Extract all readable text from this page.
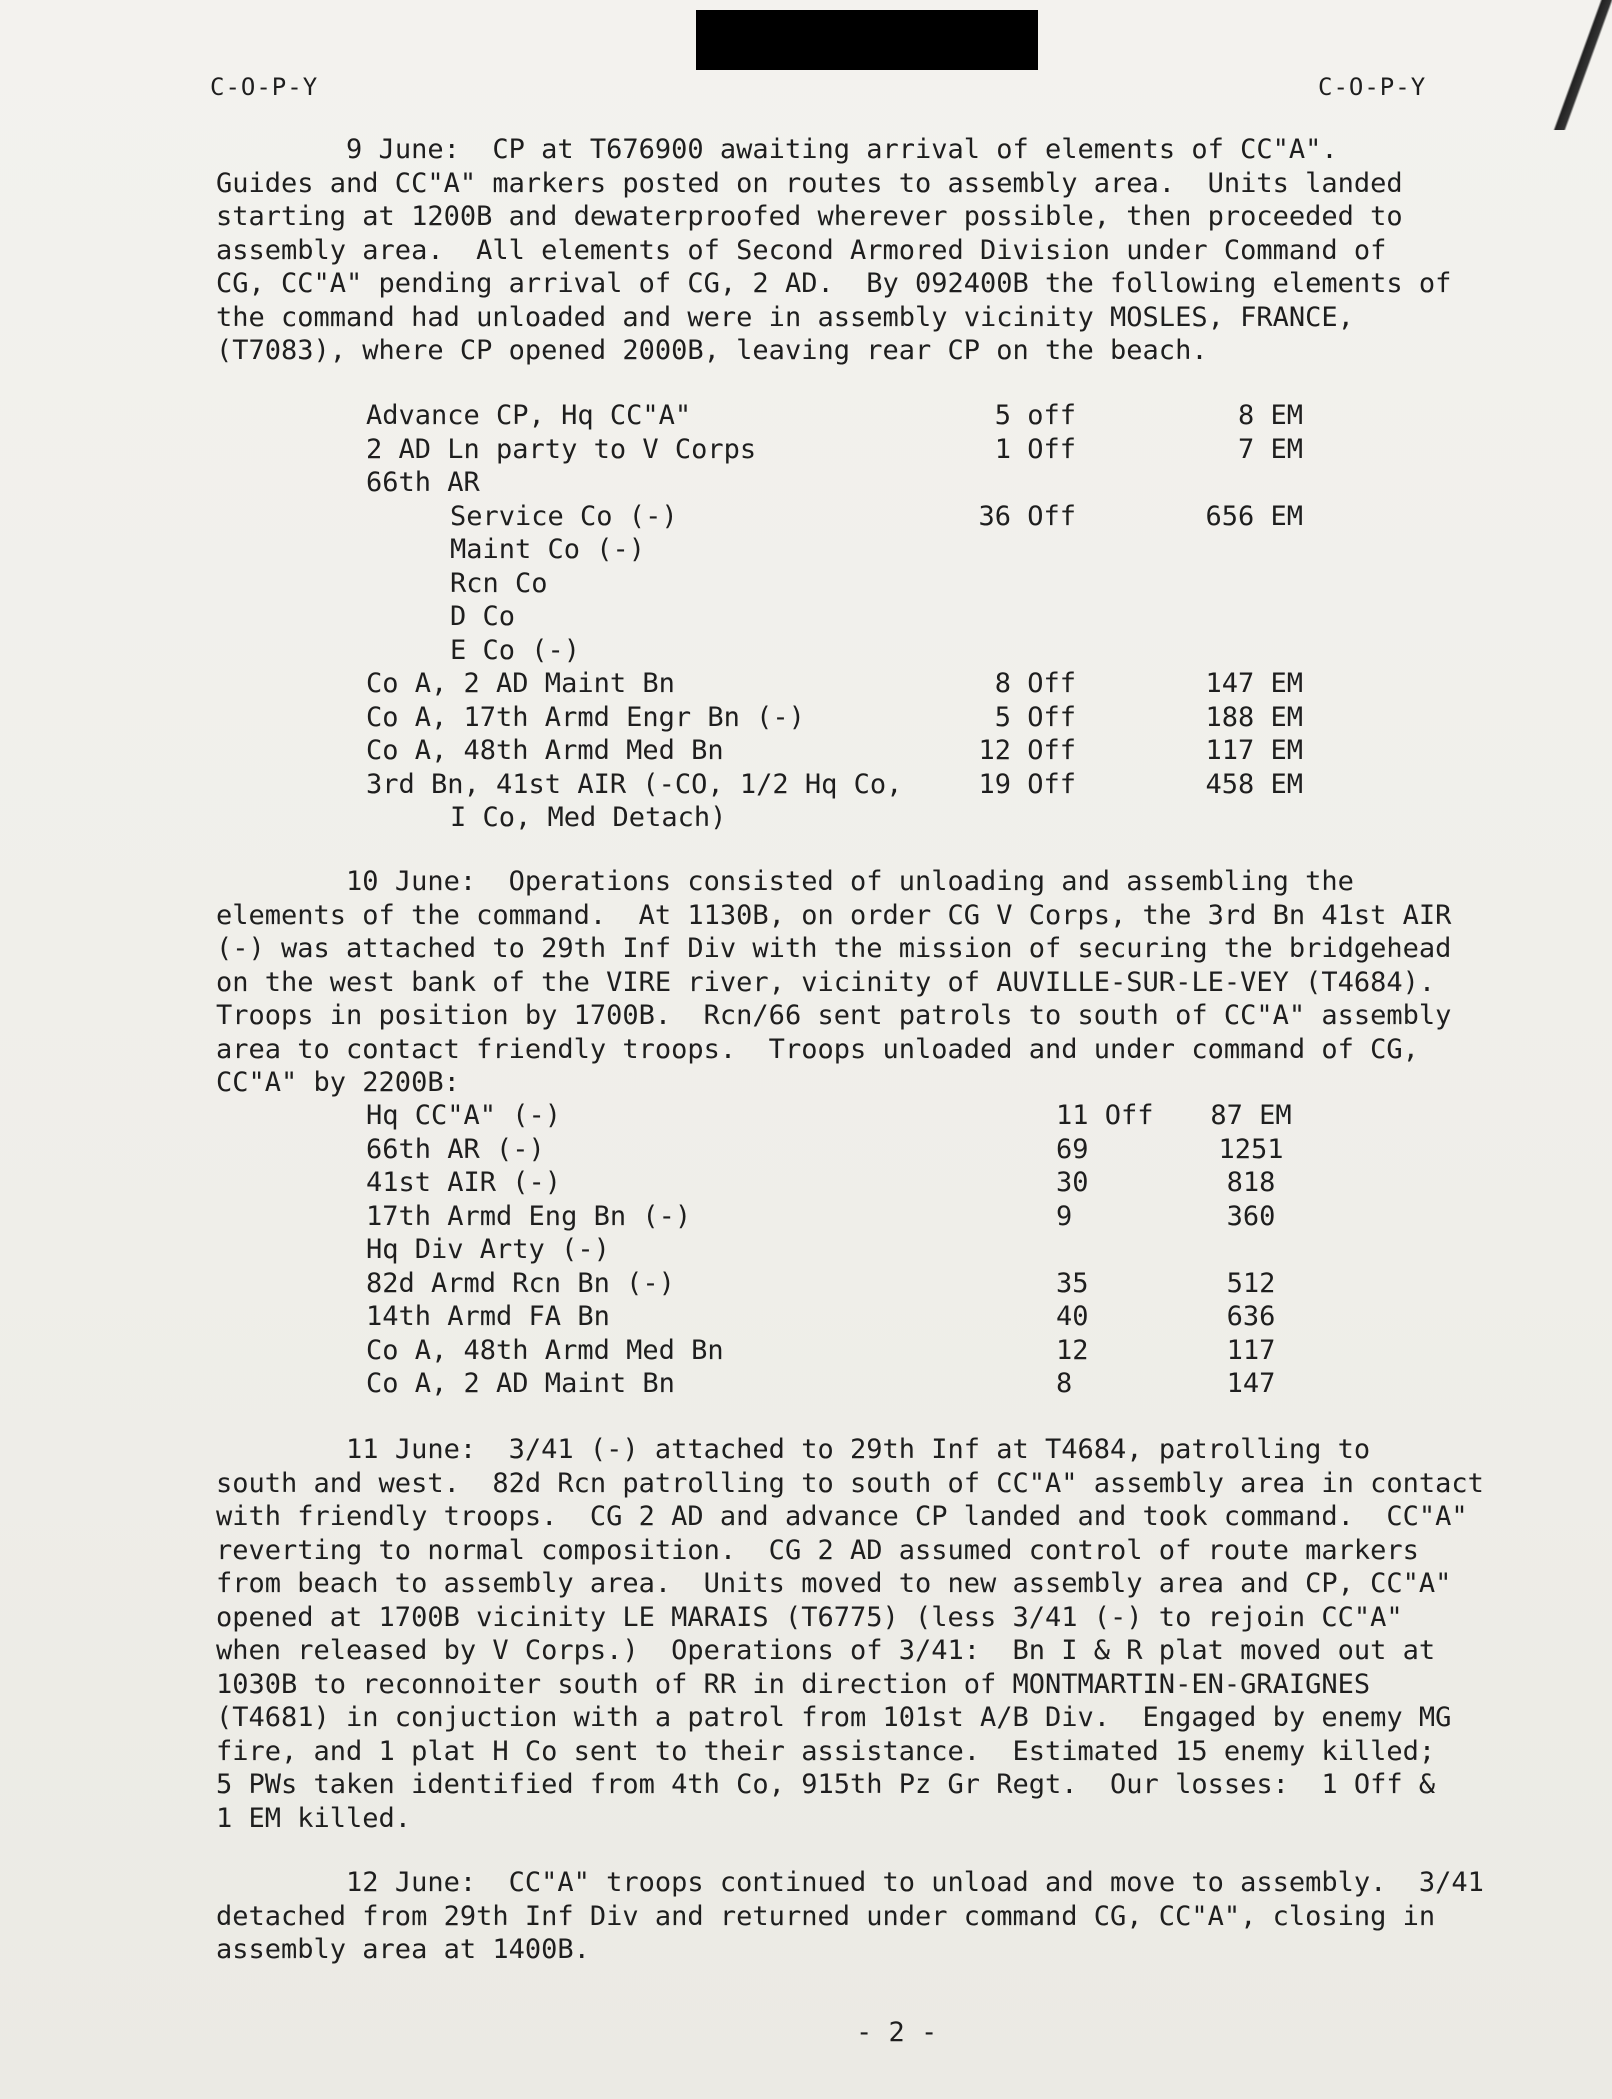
C-O-P-Y	C-O-P-Y

9 June:  CP at T676900 awaiting arrival of elements of CC"A".
Guides and CC"A" markers posted on routes to assembly area.  Units landed
starting at 1200B and dewaterproofed wherever possible, then proceeded to
assembly area.  All elements of Second Armored Division under Command of
CG, CC"A" pending arrival of CG, 2 AD.  By 092400B the following elements of
the command had unloaded and were in assembly vicinity MOSLES, FRANCE,
(T7083), where CP opened 2000B, leaving rear CP on the beach.

Advance CP, Hq CC"A"	5 off	8 EM
2 AD Ln party to V Corps	1 Off	7 EM
66th AR
Service Co (-)	36 Off	656 EM
Maint Co (-)
Rcn Co
D Co
E Co (-)
Co A, 2 AD Maint Bn	8 Off	147 EM
Co A, 17th Armd Engr Bn (-)	5 Off	188 EM
Co A, 48th Armd Med Bn	12 Off	117 EM
3rd Bn, 41st AIR (-CO, 1/2 Hq Co,	19 Off	458 EM
I Co, Med Detach)

10 June:  Operations consisted of unloading and assembling the
elements of the command.  At 1130B, on order CG V Corps, the 3rd Bn 41st AIR
(-) was attached to 29th Inf Div with the mission of securing the bridgehead
on the west bank of the VIRE river, vicinity of AUVILLE-SUR-LE-VEY (T4684).
Troops in position by 1700B.  Rcn/66 sent patrols to south of CC"A" assembly
area to contact friendly troops.  Troops unloaded and under command of CG,
CC"A" by 2200B:

Hq CC"A" (-)	11 Off	87 EM
66th AR (-)	69	1251
41st AIR (-)	30	818
17th Armd Eng Bn (-)	9	360
Hq Div Arty (-)
82d Armd Rcn Bn (-)	35	512
14th Armd FA Bn	40	636
Co A, 48th Armd Med Bn	12	117
Co A, 2 AD Maint Bn	8	147

11 June:  3/41 (-) attached to 29th Inf at T4684, patrolling to
south and west.  82d Rcn patrolling to south of CC"A" assembly area in contact
with friendly troops.  CG 2 AD and advance CP landed and took command.  CC"A"
reverting to normal composition.  CG 2 AD assumed control of route markers
from beach to assembly area.  Units moved to new assembly area and CP, CC"A"
opened at 1700B vicinity LE MARAIS (T6775) (less 3/41 (-) to rejoin CC"A"
when released by V Corps.)  Operations of 3/41:  Bn I & R plat moved out at
1030B to reconnoiter south of RR in direction of MONTMARTIN-EN-GRAIGNES
(T4681) in conjuction with a patrol from 101st A/B Div.  Engaged by enemy MG
fire, and 1 plat H Co sent to their assistance.  Estimated 15 enemy killed;
5 PWs taken identified from 4th Co, 915th Pz Gr Regt.  Our losses:  1 Off &
1 EM killed.

12 June:  CC"A" troops continued to unload and move to assembly.  3/41
detached from 29th Inf Div and returned under command CG, CC"A", closing in
assembly area at 1400B.

- 2 -
